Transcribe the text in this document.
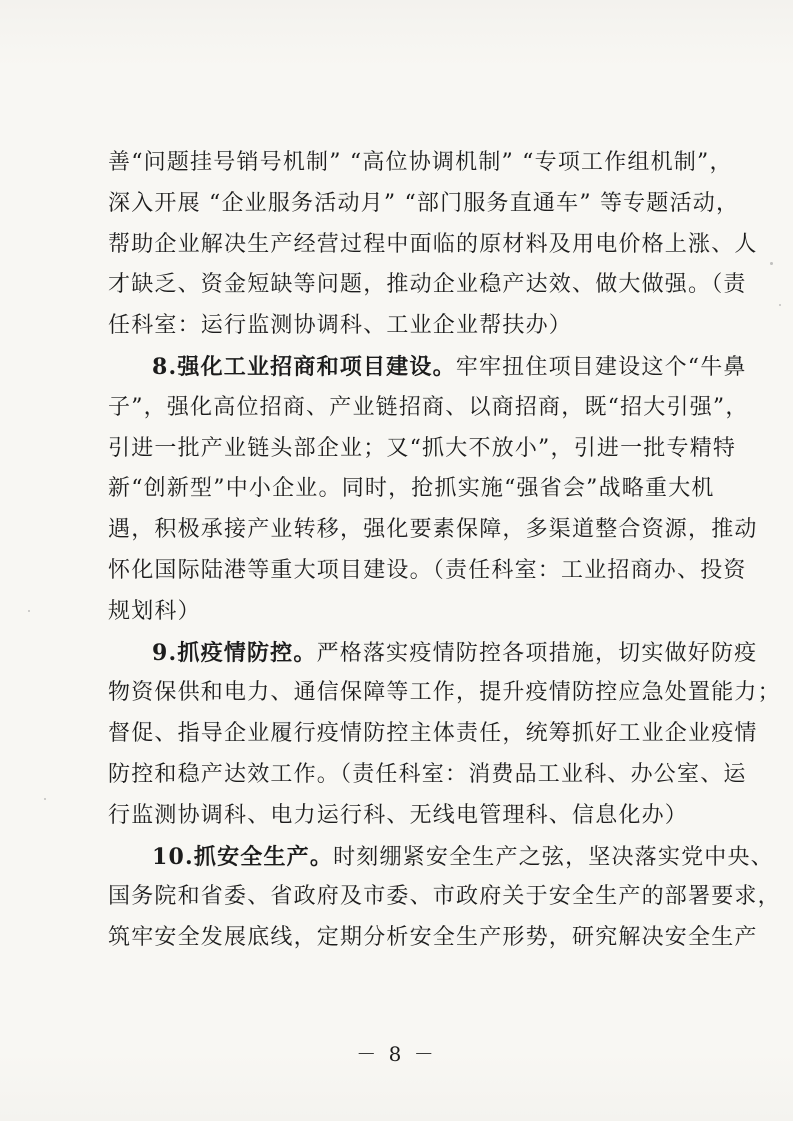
善“问题挂号销号机制” “高位协调机制” “专项工作组机制”，
深入开展 “企业服务活动月” “部门服务直通车” 等专题活动，
帮助企业解决生产经营过程中面临的原材料及用电价格上涨、人
才缺乏、资金短缺等问题，推动企业稳产达效、做大做强。（责
任科室：运行监测协调科、工业企业帮扶办）
8.强化工业招商和项目建设。牢牢扭住项目建设这个“牛鼻
子”，强化高位招商、产业链招商、以商招商，既“招大引强”，
引进一批产业链头部企业；又“抓大不放小”，引进一批专精特
新“创新型”中小企业。同时，抢抓实施“强省会”战略重大机
遇，积极承接产业转移，强化要素保障，多渠道整合资源，推动
怀化国际陆港等重大项目建设。（责任科室：工业招商办、投资
规划科）
9.抓疫情防控。严格落实疫情防控各项措施，切实做好防疫
物资保供和电力、通信保障等工作，提升疫情防控应急处置能力；
督促、指导企业履行疫情防控主体责任，统筹抓好工业企业疫情
防控和稳产达效工作。（责任科室：消费品工业科、办公室、运
行监测协调科、电力运行科、无线电管理科、信息化办）
10.抓安全生产。时刻绷紧安全生产之弦，坚决落实党中央、
国务院和省委、省政府及市委、市政府关于安全生产的部署要求，
筑牢安全发展底线，定期分析安全生产形势，研究解决安全生产
－ 8 －
